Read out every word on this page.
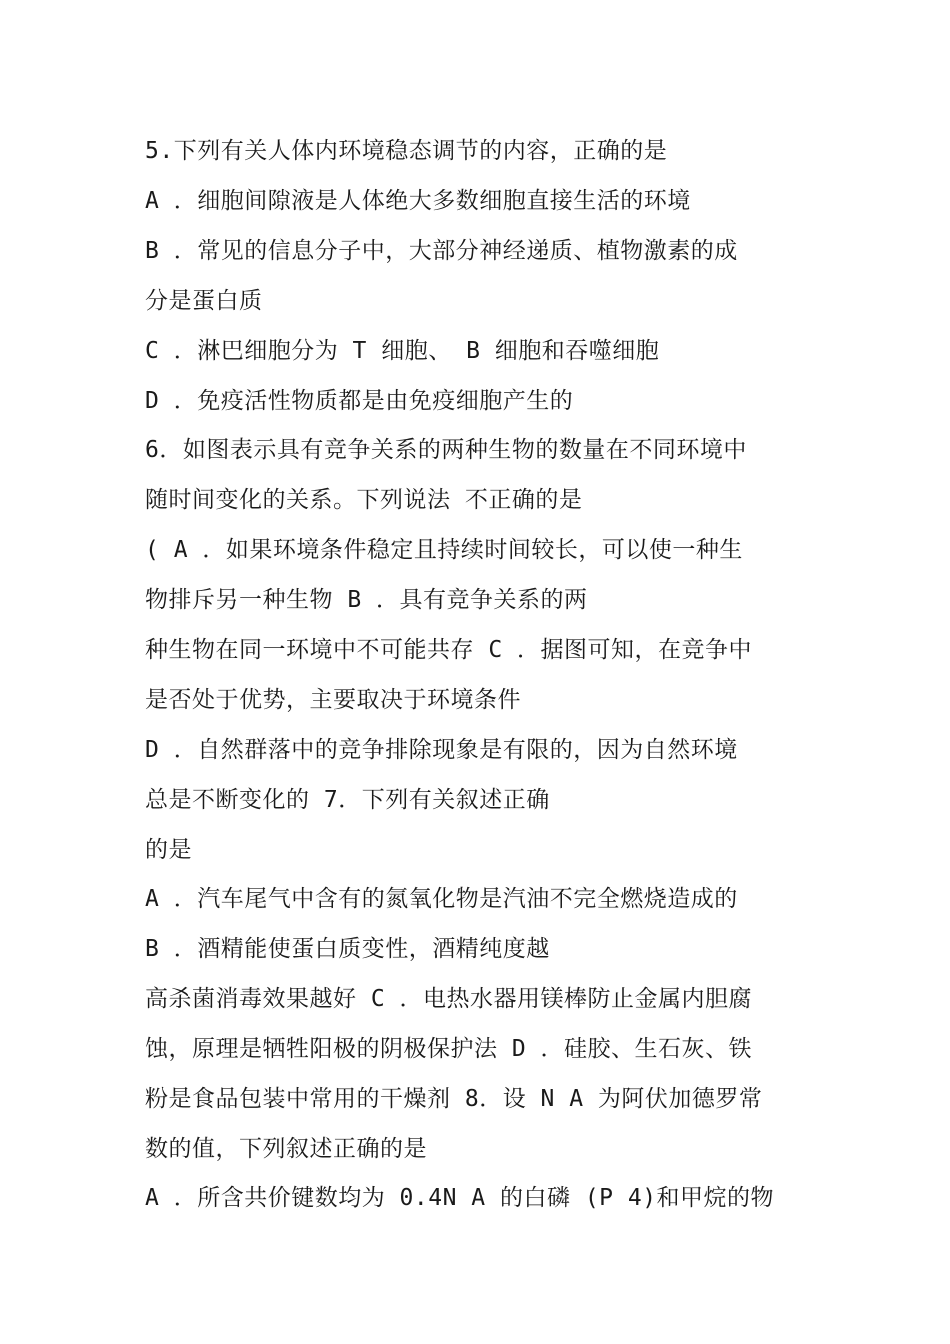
5.下列有关人体内环境稳态调节的内容，正确的是
A ．细胞间隙液是人体绝大多数细胞直接生活的环境
B ．常见的信息分子中，大部分神经递质、植物激素的成
分是蛋白质
C ．淋巴细胞分为 T 细胞、 B 细胞和吞噬细胞
D ．免疫活性物质都是由免疫细胞产生的
6．如图表示具有竞争关系的两种生物的数量在不同环境中
随时间变化的关系。下列说法 不正确的是
( A ．如果环境条件稳定且持续时间较长，可以使一种生
物排斥另一种生物 B ．具有竞争关系的两
种生物在同一环境中不可能共存 C ．据图可知，在竞争中
是否处于优势，主要取决于环境条件
D ．自然群落中的竞争排除现象是有限的，因为自然环境
总是不断变化的 7．下列有关叙述正确
的是
A ．汽车尾气中含有的氮氧化物是汽油不完全燃烧造成的
B ．酒精能使蛋白质变性，酒精纯度越
高杀菌消毒效果越好 C ．电热水器用镁棒防止金属内胆腐
蚀，原理是牺牲阳极的阴极保护法 D ．硅胶、生石灰、铁
粉是食品包装中常用的干燥剂 8．设 N A 为阿伏加德罗常
数的值，下列叙述正确的是
A ．所含共价键数均为 0.4N A 的白磷 (P 4)和甲烷的物
